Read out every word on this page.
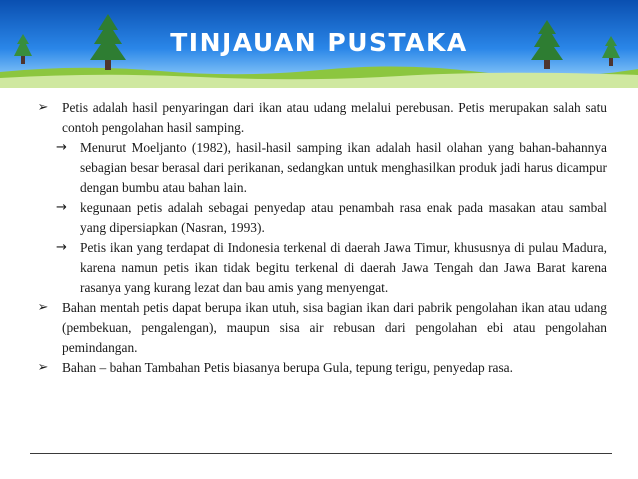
TINJAUAN PUSTAKA
➢ Petis adalah hasil penyaringan dari ikan atau udang melalui perebusan. Petis merupakan salah satu contoh pengolahan hasil samping.
→ Menurut Moeljanto (1982), hasil-hasil samping ikan adalah hasil olahan yang bahan-bahannya sebagian besar berasal dari perikanan, sedangkan untuk menghasilkan produk jadi harus dicampur dengan bumbu atau bahan lain.
→ kegunaan petis adalah sebagai penyedap atau penambah rasa enak pada masakan atau sambal yang dipersiapkan (Nasran, 1993).
→ Petis ikan yang terdapat di Indonesia terkenal di daerah Jawa Timur, khususnya di pulau Madura, karena namun petis ikan tidak begitu terkenal di daerah Jawa Tengah dan Jawa Barat karena rasanya yang kurang lezat dan bau amis yang menyengat.
➢ Bahan mentah petis dapat berupa ikan utuh, sisa bagian ikan dari pabrik pengolahan ikan atau udang (pembekuan, pengalengan), maupun sisa air rebusan dari pengolahan ebi atau pengolahan pemindangan.
➢ Bahan – bahan Tambahan Petis biasanya berupa Gula, tepung terigu, penyedap rasa.
